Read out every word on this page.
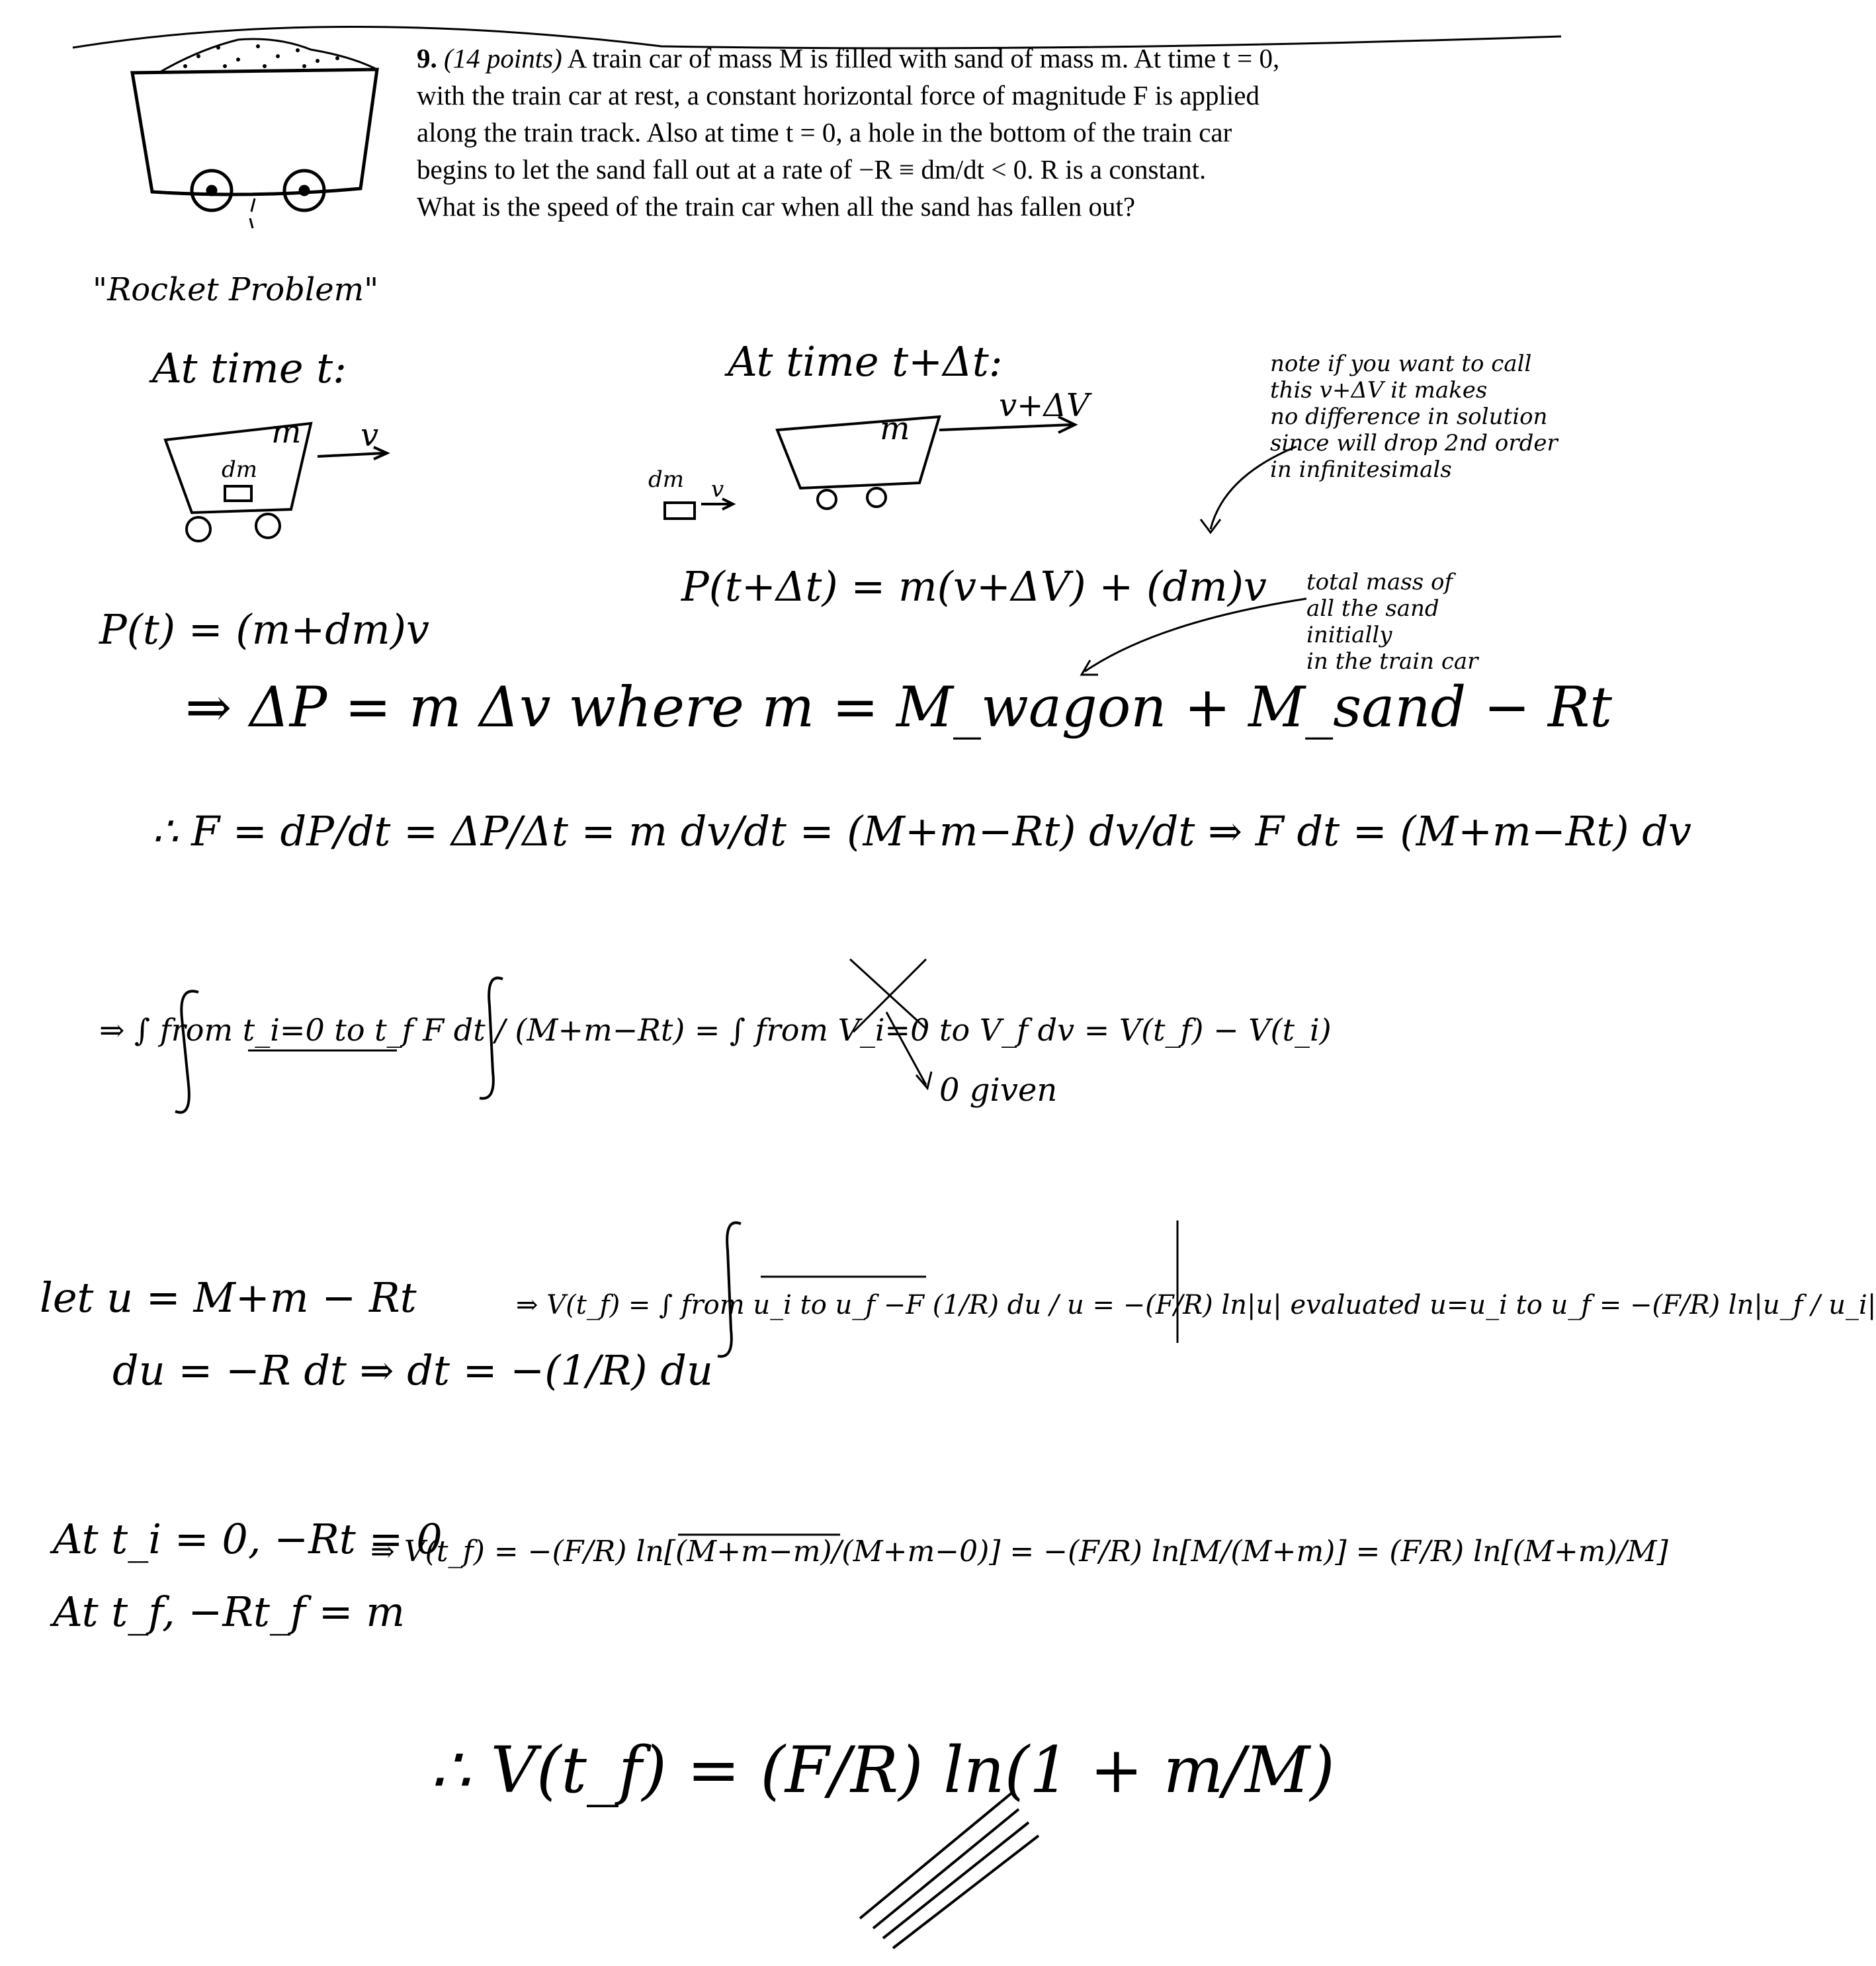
9. (14 points) A train car of mass M is filled with sand of mass m. At time t = 0,
with the train car at rest, a constant horizontal force of magnitude F is applied
along the train track. Also at time t = 0, a hole in the bottom of the train car
begins to let the sand fall out at a rate of −R ≡ dm/dt < 0. R is a constant.
What is the speed of the train car when all the sand has fallen out?
"Rocket Problem"
At time t:	At time t+Δt:
m
dm
v	m
dm v
v+ΔV
note if you want to call
this v+ΔV it makes
no difference in solution
since will drop 2nd order
in infinitesimals
P(t+Δt) = m(v+ΔV) + (dm)v
P(t) = (m+dm)v
total mass of
all the sand
initially
in the train car
⇒ ΔP = m Δv where m = M_wagon + M_sand − Rt
∴ F = dP/dt = ΔP/Δt = m dv/dt = (M+m−Rt) dv/dt ⇒ F dt = (M+m−Rt) dv
⇒ ∫ from t_i=0 to t_f F dt / (M+m−Rt) = ∫ from V_i=0 to V_f dv = V(t_f) − V(t_i)
0 given
let u = M+m − Rt
du = −R dt ⇒ dt = −(1/R) du
⇒ V(t_f) = ∫ from u_i to u_f −F (1/R) du / u = −(F/R) ln|u| evaluated u=u_i to u_f = −(F/R) ln|u_f / u_i|
At t_i = 0, −Rt = 0
At t_f, −Rt_f = m
⇒ V(t_f) = −(F/R) ln[(M+m−m)/(M+m−0)] = −(F/R) ln[M/(M+m)] = (F/R) ln[(M+m)/M]
∴ V(t_f) = (F/R) ln(1 + m/M)
